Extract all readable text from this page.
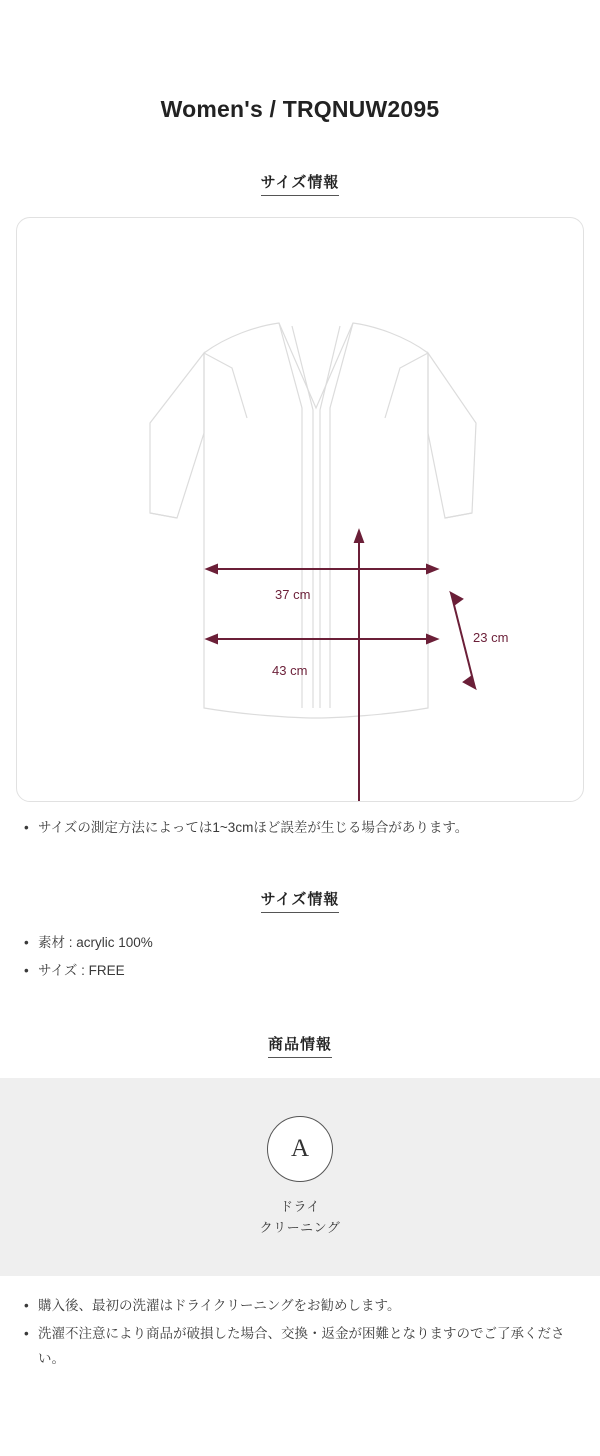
Women's / TRQNUW2095
サイズ情報
37 cm
43 cm
23 cm
• サイズの測定方法によっては1~3cmほど誤差が生じる場合があります。
サイズ情報
• 素材 : acrylic 100%
• サイズ : FREE
商品情報
A
ドライ
クリーニング
• 購入後、最初の洗濯はドライクリーニングをお勧めします。
• 洗濯不注意により商品が破損した場合、交換・返金が困難となりますのでご了承ください。
